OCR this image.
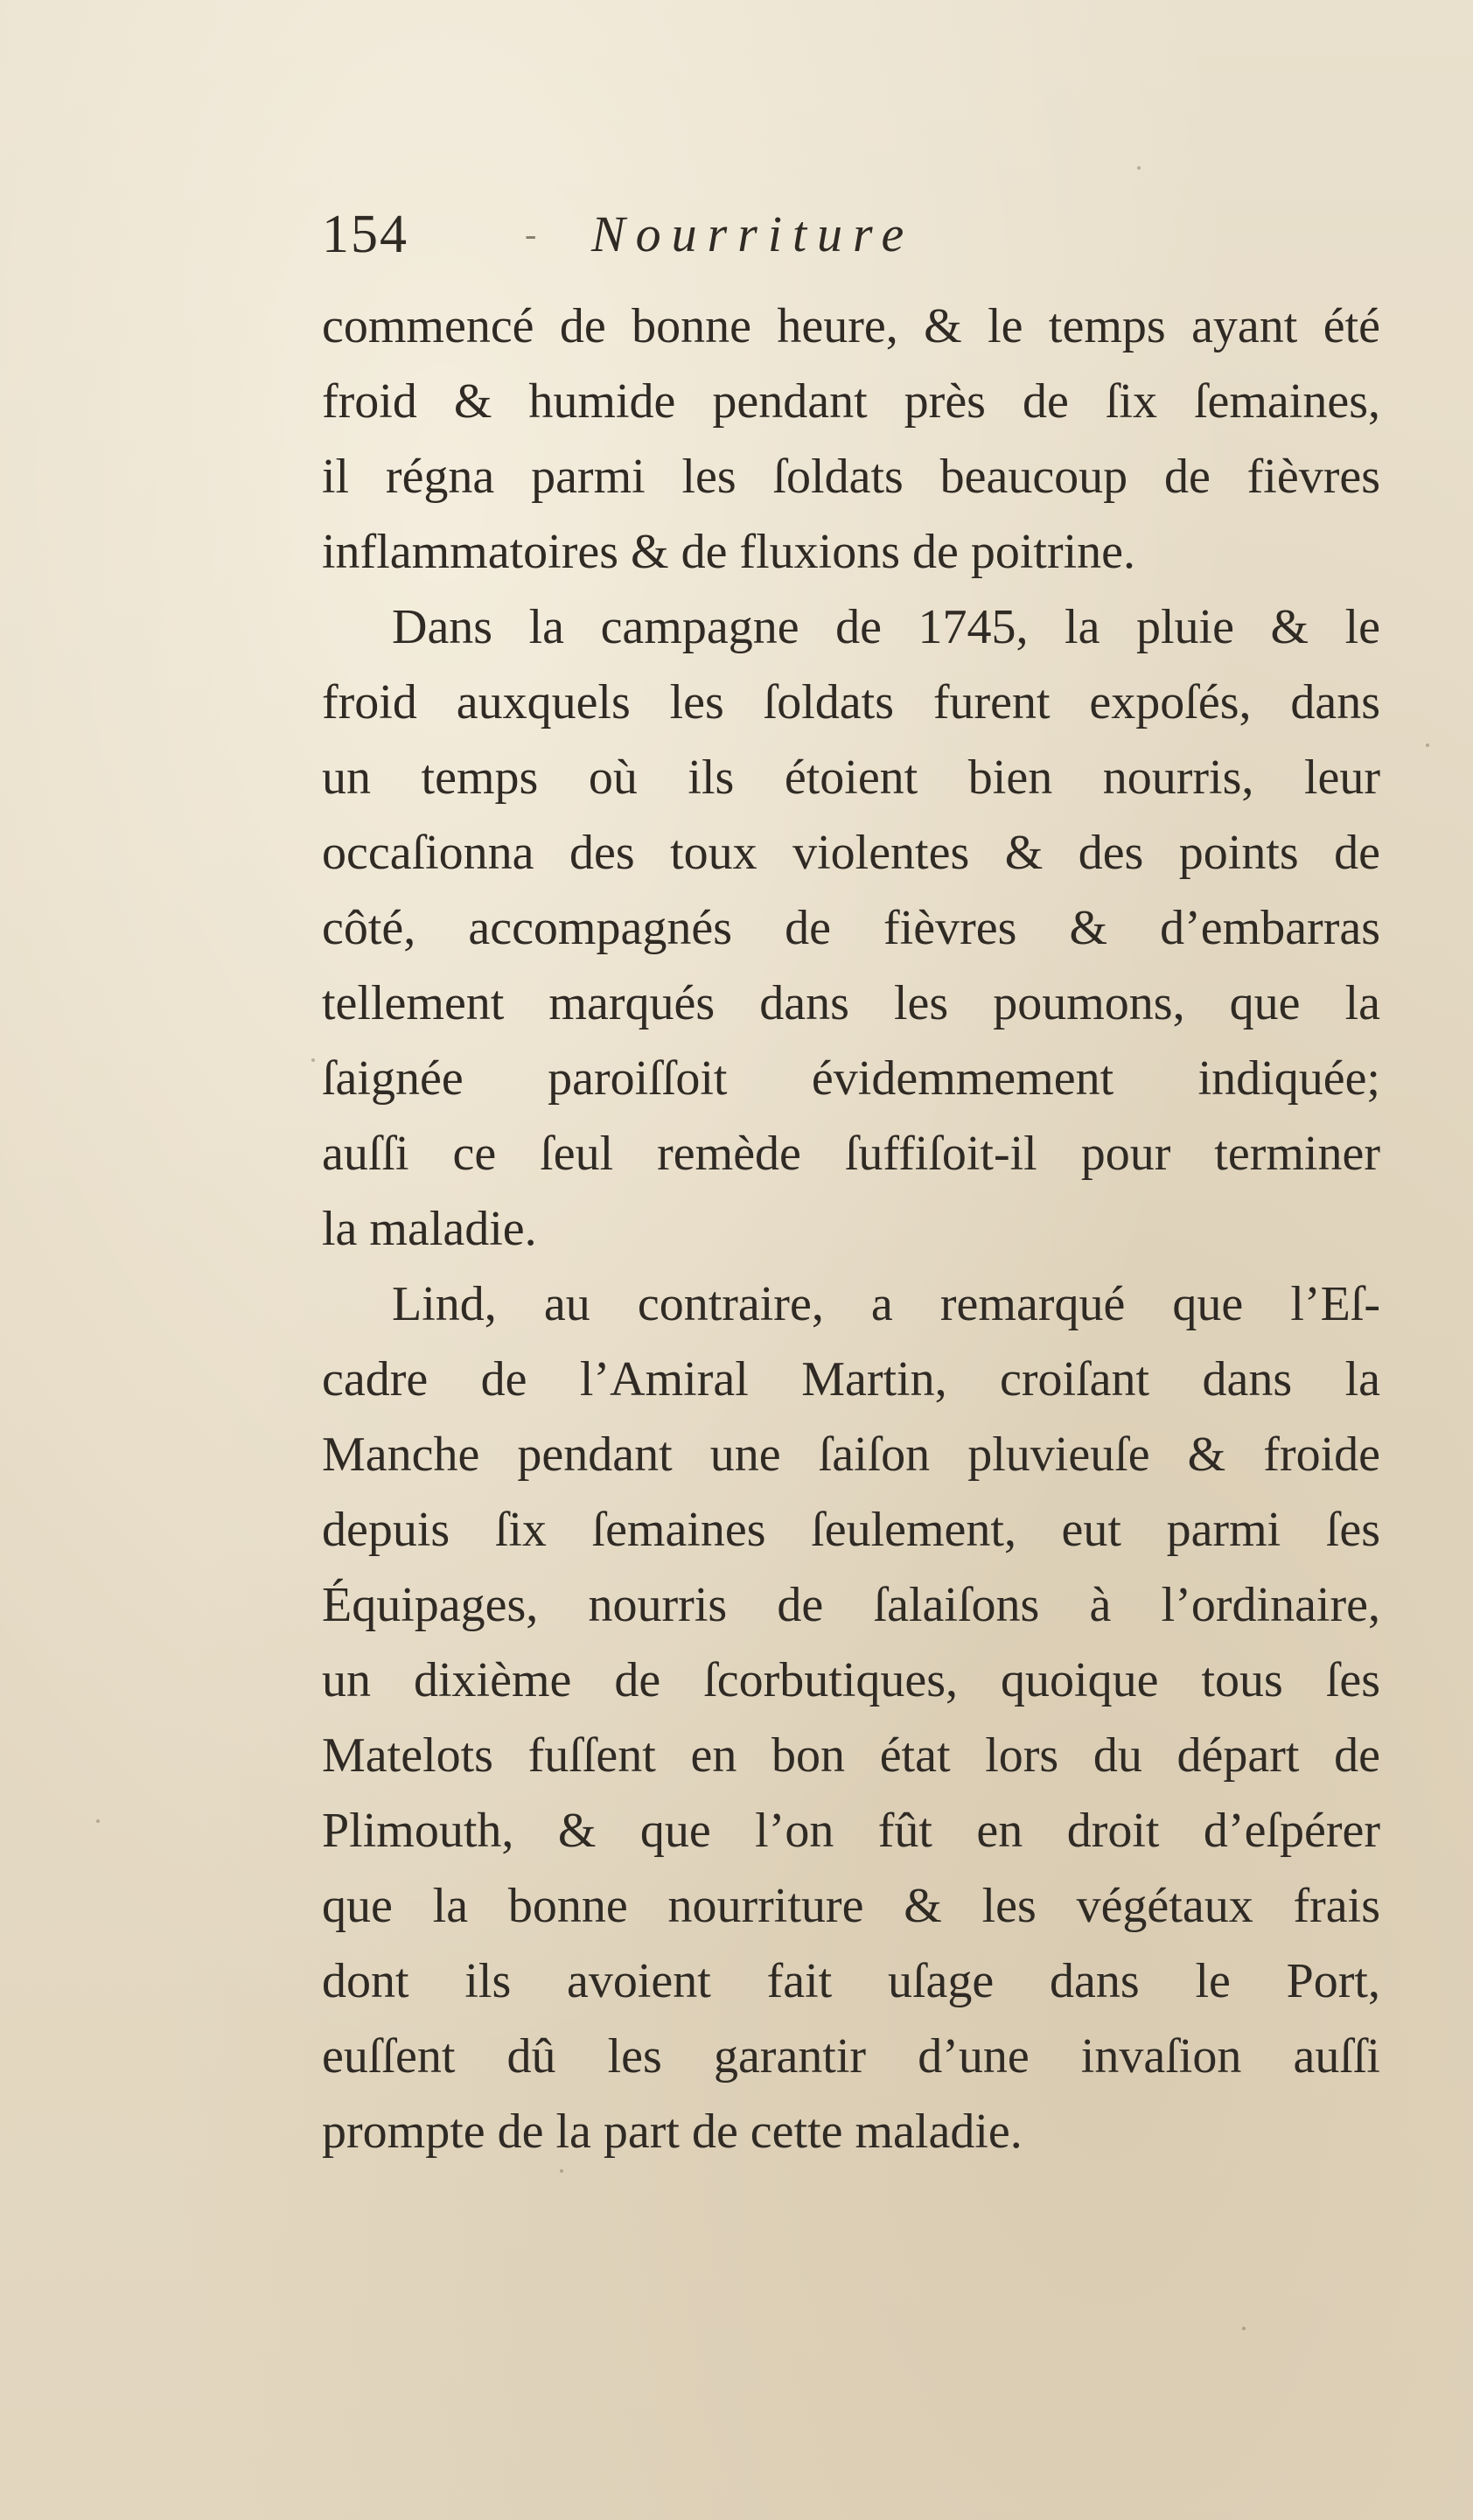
154	- Nourriture
commencé de bonne heure, & le temps ayant été
froid & humide pendant près de ſix ſemaines,
il régna parmi les ſoldats beaucoup de fièvres
inflammatoires & de fluxions de poitrine.
Dans la campagne de 1745, la pluie & le
froid auxquels les ſoldats furent expoſés, dans
un temps où ils étoient bien nourris, leur
occaſionna des toux violentes & des points de
côté, accompagnés de fièvres & d’embarras
tellement marqués dans les poumons, que la
ſaignée paroiſſoit évidemmement indiquée;
auſſi ce ſeul remède ſuffiſoit-il pour terminer
la maladie.
Lind, au contraire, a remarqué que l’Eſ-
cadre de l’Amiral Martin, croiſant dans la
Manche pendant une ſaiſon pluvieuſe & froide
depuis ſix ſemaines ſeulement, eut parmi ſes
Équipages, nourris de ſalaiſons à l’ordinaire,
un dixième de ſcorbutiques, quoique tous ſes
Matelots fuſſent en bon état lors du départ de
Plimouth, & que l’on fût en droit d’eſpérer
que la bonne nourriture & les végétaux frais
dont ils avoient fait uſage dans le Port,
euſſent dû les garantir d’une invaſion auſſi
prompte de la part de cette maladie.
